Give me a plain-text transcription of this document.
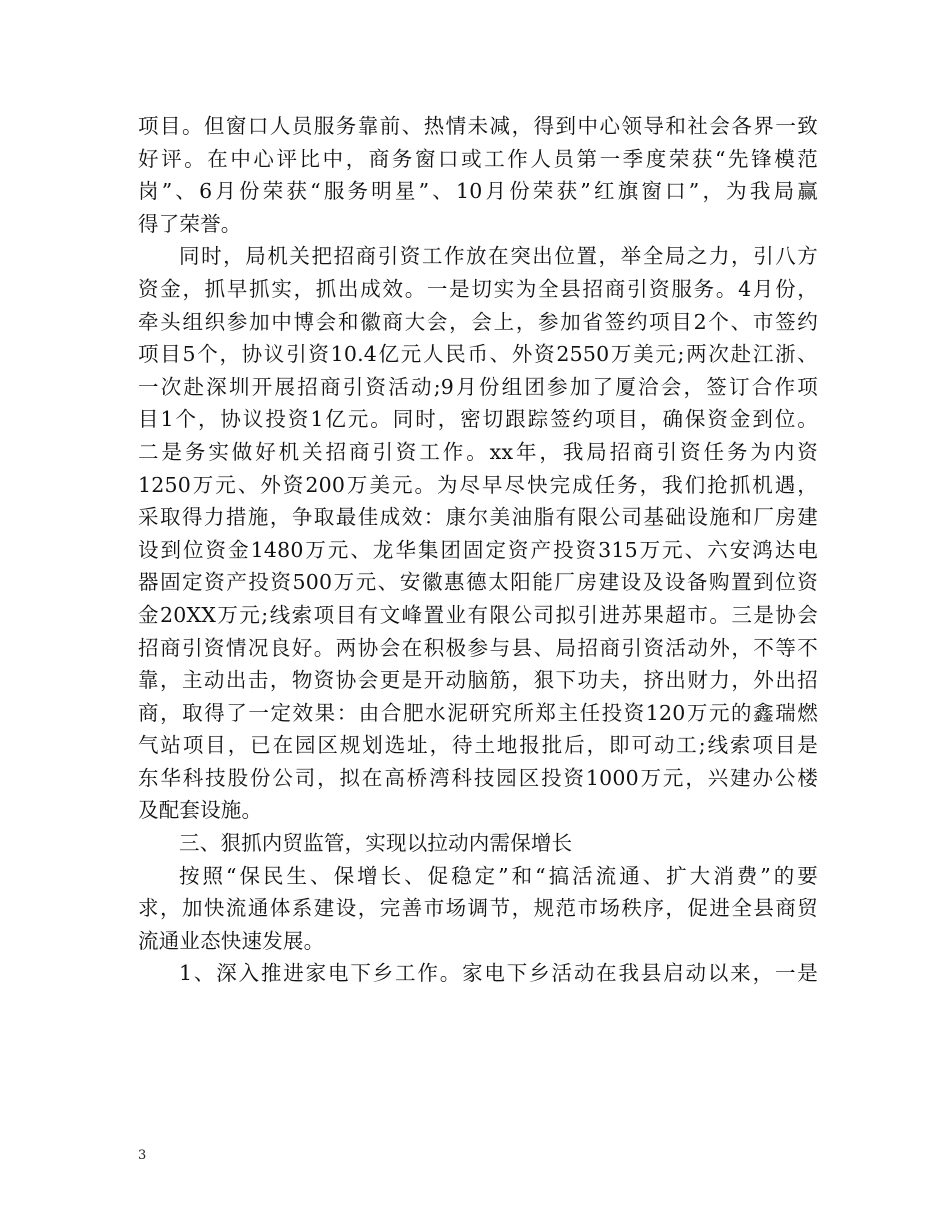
项目。但窗口人员服务靠前、热情未减，得到中心领导和社会各界一致
好评。在中心评比中，商务窗口或工作人员第一季度荣获“先锋模范
岗”、6月份荣获“服务明星”、10月份荣获”红旗窗口”，为我局赢
得了荣誉。
同时，局机关把招商引资工作放在突出位置，举全局之力，引八方
资金，抓早抓实，抓出成效。一是切实为全县招商引资服务。4月份，
牵头组织参加中博会和徽商大会，会上，参加省签约项目2个、市签约
项目5个，协议引资10.4亿元人民币、外资2550万美元;两次赴江浙、
一次赴深圳开展招商引资活动;9月份组团参加了厦洽会，签订合作项
目1个，协议投资1亿元。同时，密切跟踪签约项目，确保资金到位。
二是务实做好机关招商引资工作。xx年，我局招商引资任务为内资
1250万元、外资200万美元。为尽早尽快完成任务，我们抢抓机遇，
采取得力措施，争取最佳成效：康尔美油脂有限公司基础设施和厂房建
设到位资金1480万元、龙华集团固定资产投资315万元、六安鸿达电
器固定资产投资500万元、安徽惠德太阳能厂房建设及设备购置到位资
金20XX万元;线索项目有文峰置业有限公司拟引进苏果超市。三是协会
招商引资情况良好。两协会在积极参与县、局招商引资活动外，不等不
靠，主动出击，物资协会更是开动脑筋，狠下功夫，挤出财力，外出招
商，取得了一定效果：由合肥水泥研究所郑主任投资120万元的鑫瑞燃
气站项目，已在园区规划选址，待土地报批后，即可动工;线索项目是
东华科技股份公司，拟在高桥湾科技园区投资1000万元，兴建办公楼
及配套设施。
三、狠抓内贸监管，实现以拉动内需保增长
按照“保民生、保增长、促稳定”和“搞活流通、扩大消费”的要
求，加快流通体系建设，完善市场调节，规范市场秩序，促进全县商贸
流通业态快速发展。
1、深入推进家电下乡工作。家电下乡活动在我县启动以来，一是
3
